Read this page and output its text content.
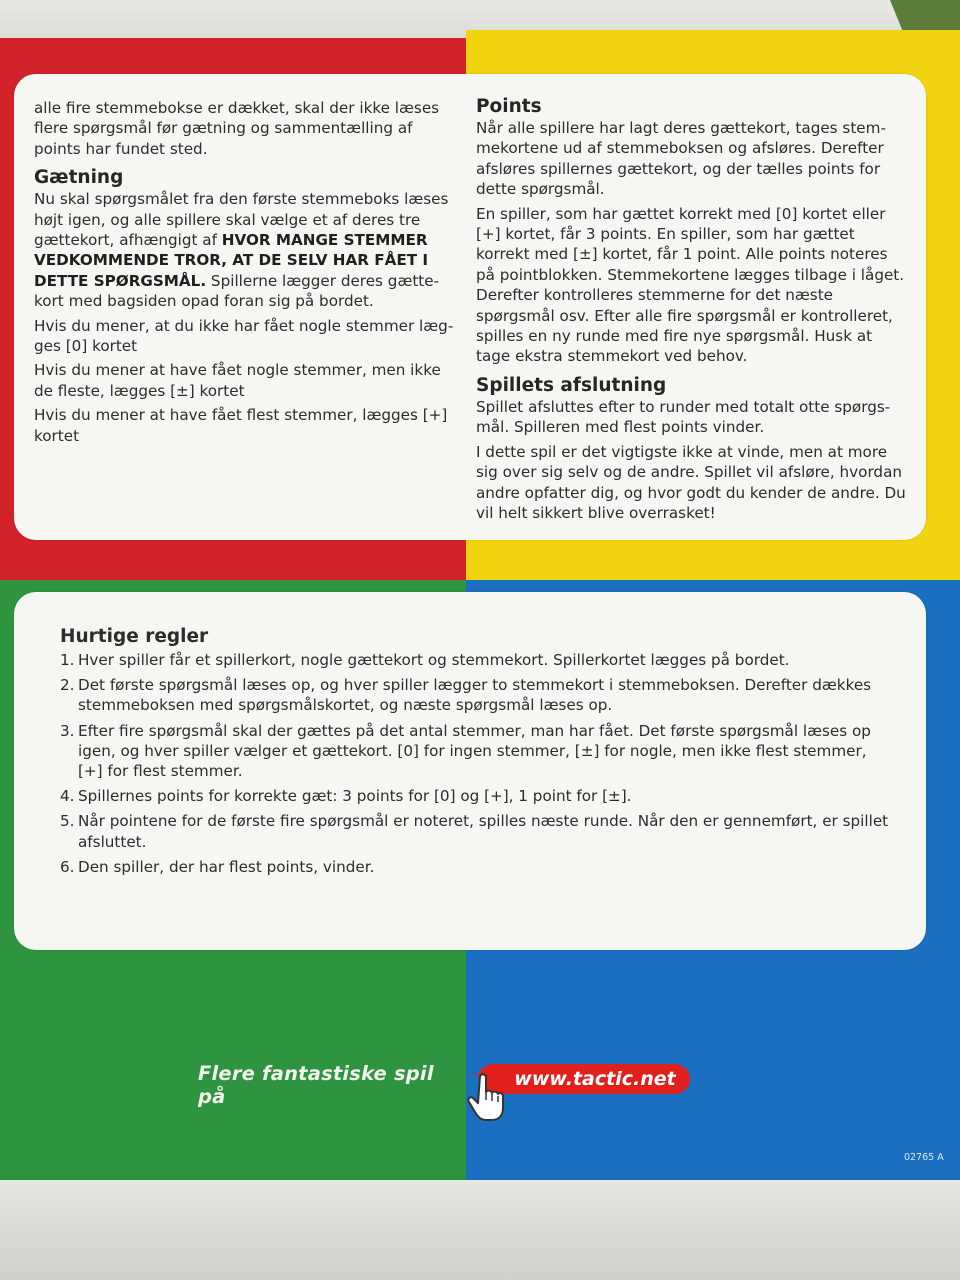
alle fire stemmebokse er dækket, skal der ikke læses flere spørgsmål før gætning og sammentælling af points har fundet sted.

Gætning

Nu skal spørgsmålet fra den første stemmeboks læses højt igen, og alle spillere skal vælge et af deres tre gættekort, afhængigt af HVOR MANGE STEMMER VEDKOMMENDE TROR, AT DE SELV HAR FÅET I DETTE SPØRGSMÅL. Spillerne lægger deres gættekort med bagsiden opad foran sig på bordet.

Hvis du mener, at du ikke har fået nogle stemmer lægges [0] kortet

Hvis du mener at have fået nogle stemmer, men ikke de fleste, lægges [±] kortet

Hvis du mener at have fået flest stemmer, lægges [+] kortet

Points

Når alle spillere har lagt deres gættekort, tages stemmekortene ud af stemmeboksen og afsløres. Derefter afsløres spillernes gættekort, og der tælles points for dette spørgsmål.

En spiller, som har gættet korrekt med [0] kortet eller [+] kortet, får 3 points. En spiller, som har gættet korrekt med [±] kortet, får 1 point. Alle points noteres på pointblokken. Stemmekortene lægges tilbage i låget. Derefter kontrolleres stemmerne for det næste spørgsmål osv. Efter alle fire spørgsmål er kontrolleret, spilles en ny runde med fire nye spørgsmål. Husk at tage ekstra stemmekort ved behov.

Spillets afslutning

Spillet afsluttes efter to runder med totalt otte spørgsmål. Spilleren med flest points vinder.

I dette spil er det vigtigste ikke at vinde, men at more sig over sig selv og de andre. Spillet vil afsløre, hvordan andre opfatter dig, og hvor godt du kender de andre. Du vil helt sikkert blive overrasket!

Hurtige regler
1. Hver spiller får et spillerkort, nogle gættekort og stemmekort. Spillerkortet lægges på bordet.
2. Det første spørgsmål læses op, og hver spiller lægger to stemmekort i stemmeboksen. Derefter dækkes stemmeboksen med spørgsmålskortet, og næste spørgsmål læses op.
3. Efter fire spørgsmål skal der gættes på det antal stemmer, man har fået. Det første spørgsmål læses op igen, og hver spiller vælger et gættekort. [0] for ingen stemmer, [±] for nogle, men ikke flest stemmer, [+] for flest stemmer.
4. Spillernes points for korrekte gæt: 3 points for [0] og [+], 1 point for [±].
5. Når pointene for de første fire spørgsmål er noteret, spilles næste runde. Når den er gennemført, er spillet afsluttet.
6. Den spiller, der har flest points, vinder.
Flere fantastiske spil på
www.tactic.net
02765 A
